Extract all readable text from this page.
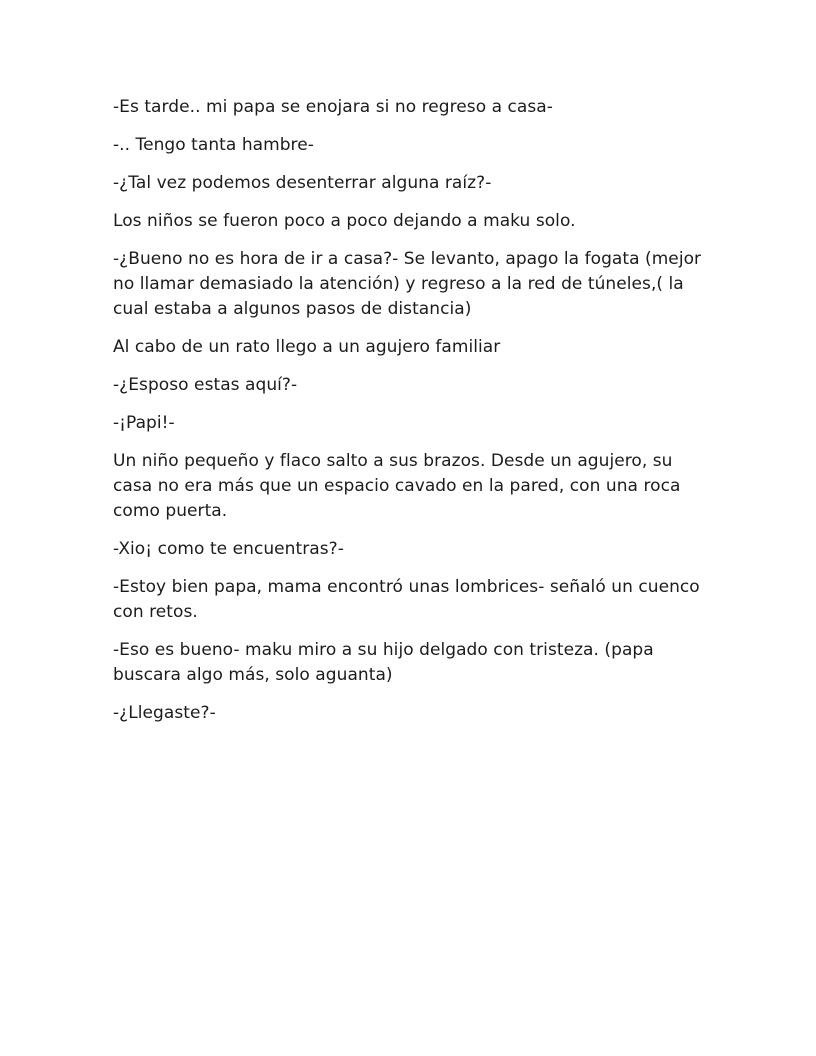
-Es tarde.. mi papa se enojara si no regreso a casa-

-.. Tengo tanta hambre-

-¿Tal vez podemos desenterrar alguna raíz?-

Los niños se fueron poco a poco dejando a maku solo.

-¿Bueno no es hora de ir a casa?- Se levanto, apago la fogata (mejor no llamar demasiado la atención) y regreso a la red de túneles,( la cual estaba a algunos pasos de distancia)

Al cabo de un rato llego a un agujero familiar

-¿Esposo estas aquí?-

-¡Papi!-

Un niño pequeño y flaco salto a sus brazos. Desde un agujero, su casa no era más que un espacio cavado en la pared, con una roca como puerta.

-Xio¡ como te encuentras?-

-Estoy bien papa, mama encontró unas lombrices- señaló un cuenco con retos.

-Eso es bueno- maku miro a su hijo delgado con tristeza. (papa buscara algo más, solo aguanta)

-¿Llegaste?-
